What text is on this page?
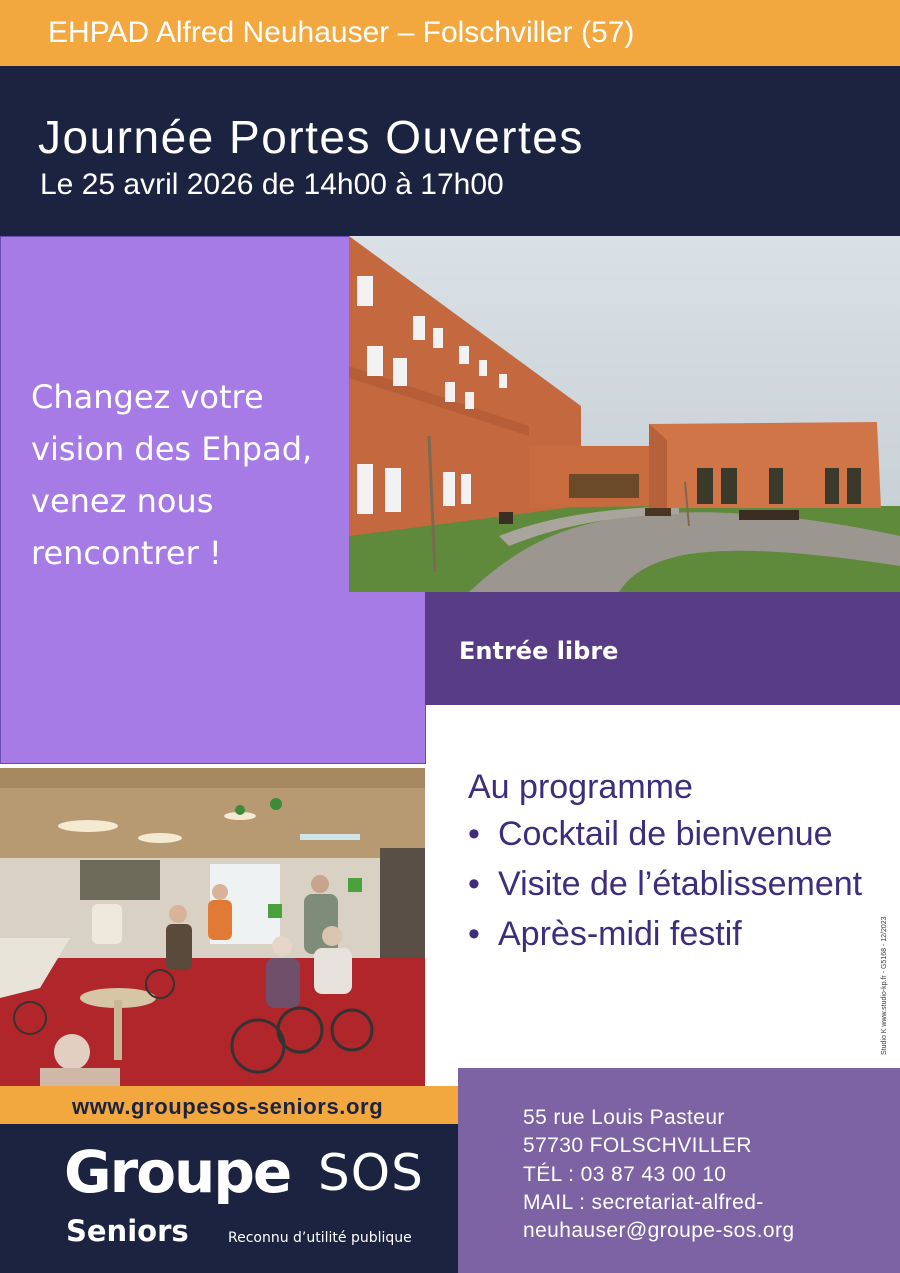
EHPAD Alfred Neuhauser – Folschviller (57)
Journée Portes Ouvertes
Le 25 avril 2026 de 14h00 à 17h00
Changez votre
vision des Ehpad,
venez nous
rencontrer !
Entrée libre
Au programme
• Cocktail de bienvenue
• Visite de l’établissement
• Après-midi festif	Studio K www.studio-kp.fr - G5168 - 12/2023
www.groupesos-seniors.org
Groupe SOS
Seniors	Reconnu d’utilité publique
55 rue Louis Pasteur
57730 FOLSCHVILLER
TÉL : 03 87 43 00 10
MAIL : secretariat-alfred-
neuhauser@groupe-sos.org
